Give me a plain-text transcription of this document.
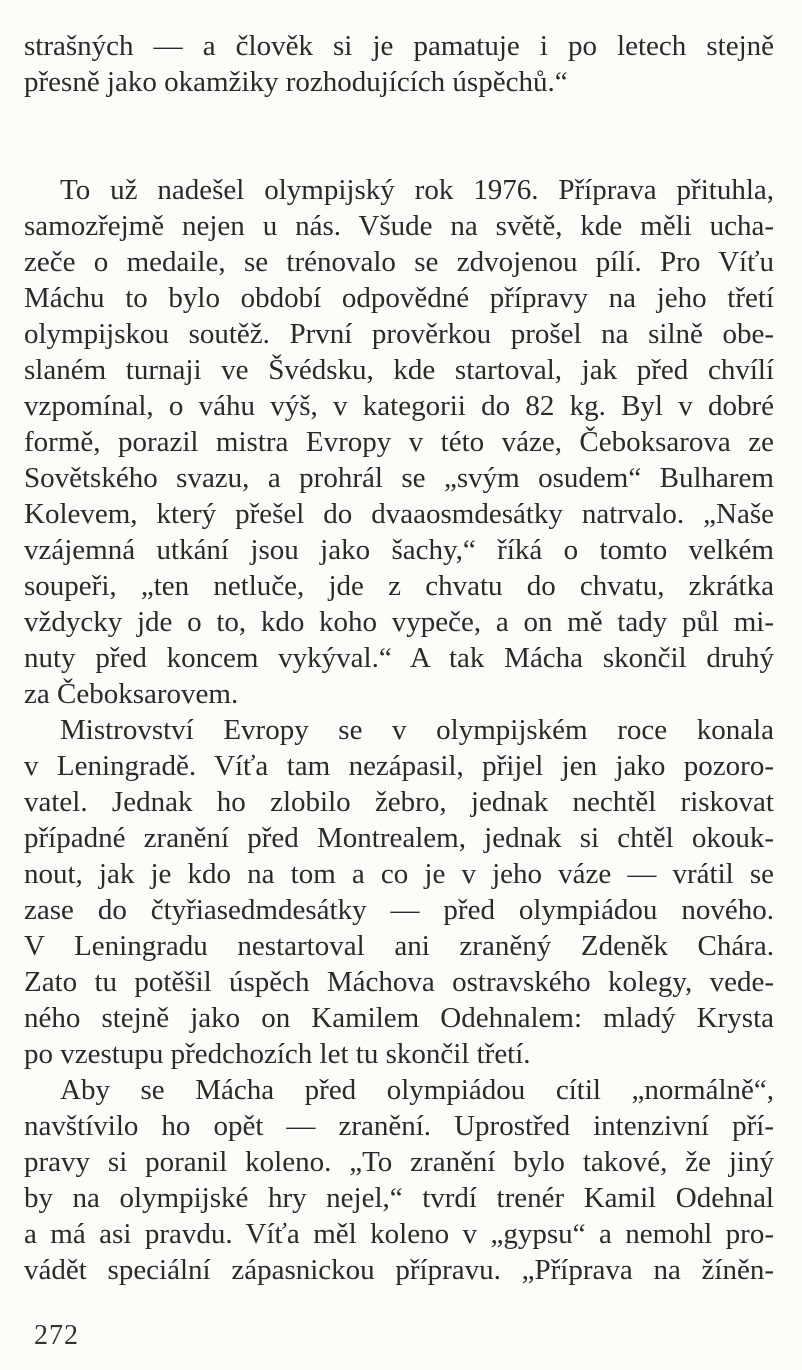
strašných — a člověk si je pamatuje i po letech stejně
přesně jako okamžiky rozhodujících úspěchů.“
To už nadešel olympijský rok 1976. Příprava přituhla,
samozřejmě nejen u nás. Všude na světě, kde měli ucha-
zeče o medaile, se trénovalo se zdvojenou pílí. Pro Víťu
Máchu to bylo období odpovědné přípravy na jeho třetí
olympijskou soutěž. První prověrkou prošel na silně obe-
slaném turnaji ve Švédsku, kde startoval, jak před chvílí
vzpomínal, o váhu výš, v kategorii do 82 kg. Byl v dobré
formě, porazil mistra Evropy v této váze, Čeboksarova ze
Sovětského svazu, a prohrál se „svým osudem“ Bulharem
Kolevem, který přešel do dvaaosmdesátky natrvalo. „Naše
vzájemná utkání jsou jako šachy,“ říká o tomto velkém
soupeři, „ten netluče, jde z chvatu do chvatu, zkrátka
vždycky jde o to, kdo koho vypeče, a on mě tady půl mi-
nuty před koncem vykýval.“ A tak Mácha skončil druhý
za Čeboksarovem.
Mistrovství Evropy se v olympijském roce konala
v Leningradě. Víťa tam nezápasil, přijel jen jako pozoro-
vatel. Jednak ho zlobilo žebro, jednak nechtěl riskovat
případné zranění před Montrealem, jednak si chtěl okouk-
nout, jak je kdo na tom a co je v jeho váze — vrátil se
zase do čtyřiasedmdesátky — před olympiádou nového.
V Leningradu nestartoval ani zraněný Zdeněk Chára.
Zato tu potěšil úspěch Máchova ostravského kolegy, vede-
ného stejně jako on Kamilem Odehnalem: mladý Krysta
po vzestupu předchozích let tu skončil třetí.
Aby se Mácha před olympiádou cítil „normálně“,
navštívilo ho opět — zranění. Uprostřed intenzivní pří-
pravy si poranil koleno. „To zranění bylo takové, že jiný
by na olympijské hry nejel,“ tvrdí trenér Kamil Odehnal
a má asi pravdu. Víťa měl koleno v „gypsu“ a nemohl pro-
vádět speciální zápasnickou přípravu. „Příprava na žíněn-
272
